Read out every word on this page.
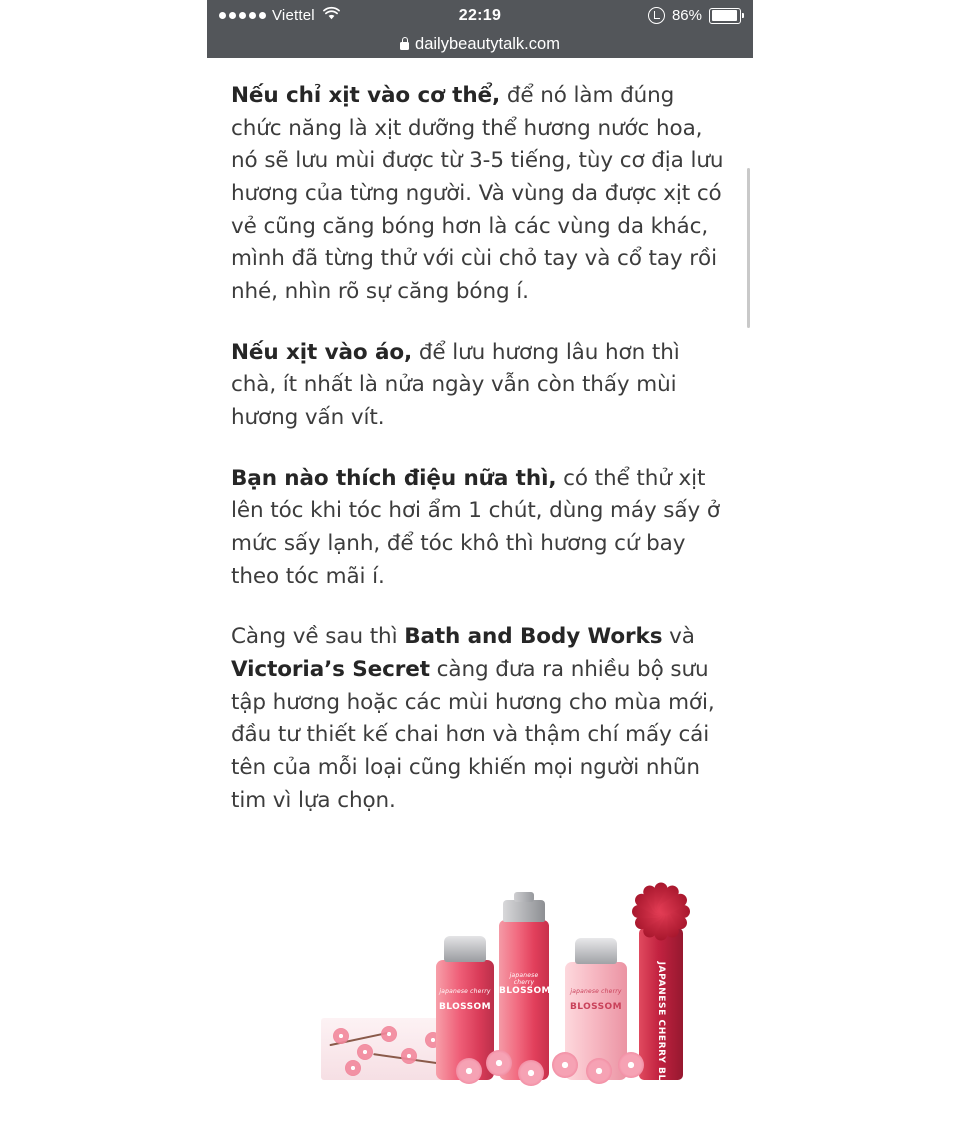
Viettel	22:19	86%
dailybeautytalk.com

Nếu chỉ xịt vào cơ thể, để nó làm đúng chức năng là xịt dưỡng thể hương nước hoa, nó sẽ lưu mùi được từ 3-5 tiếng, tùy cơ địa lưu hương của từng người. Và vùng da được xịt có vẻ cũng căng bóng hơn là các vùng da khác, mình đã từng thử với cùi chỏ tay và cổ tay rồi nhé, nhìn rõ sự căng bóng í.

Nếu xịt vào áo, để lưu hương lâu hơn thì chà, ít nhất là nửa ngày vẫn còn thấy mùi hương vấn vít.

Bạn nào thích điệu nữa thì, có thể thử xịt lên tóc khi tóc hơi ẩm 1 chút, dùng máy sấy ở mức sấy lạnh, để tóc khô thì hương cứ bay theo tóc mãi í.

Càng về sau thì Bath and Body Works và Victoria’s Secret càng đưa ra nhiều bộ sưu tập hương hoặc các mùi hương cho mùa mới, đầu tư thiết kế chai hơn và thậm chí mấy cái tên của mỗi loại cũng khiến mọi người nhũn tim vì lựa chọn.

japanese cherry
BLOSSOM
japanese cherry
BLOSSOM	japanese cherry
BLOSSOM	JAPANESE CHERRY BLOSSOM
